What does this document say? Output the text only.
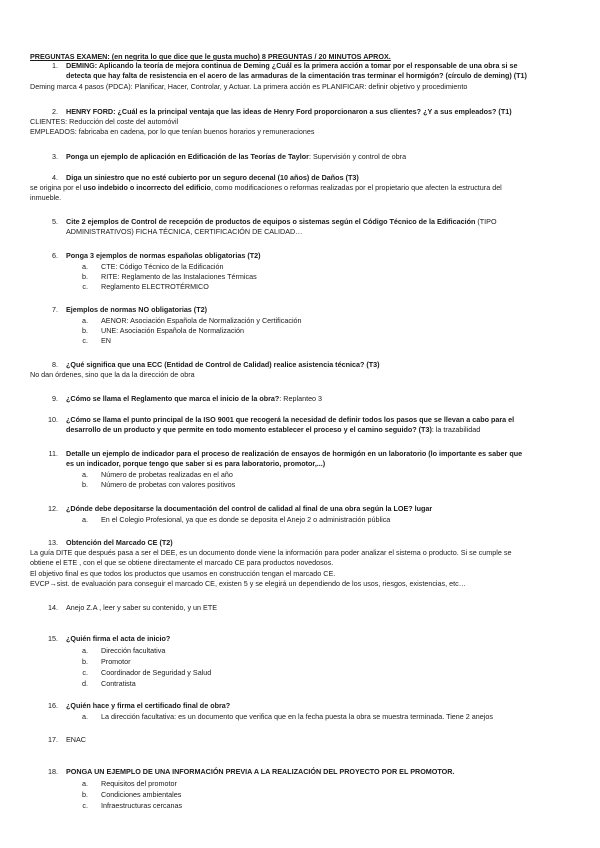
PREGUNTAS EXAMEN: (en negrita lo que dice que le gusta mucho) 8 PREGUNTAS / 20 MINUTOS APROX.
1. DEMING: Aplicando la teoría de mejora continua de Deming ¿Cuál es la primera acción a tomar por el responsable de una obra si se
detecta que hay falta de resistencia en el acero de las armaduras de la cimentación tras terminar el hormigón? (círculo de deming) (T1)
Deming marca 4 pasos (PDCA): Planificar, Hacer, Controlar, y Actuar. La primera acción es PLANIFICAR: definir objetivo y procedimiento
2. HENRY FORD: ¿Cuál es la principal ventaja que las ideas de Henry Ford proporcionaron a sus clientes? ¿Y a sus empleados? (T1)
CLIENTES: Reducción del coste del automóvil
EMPLEADOS: fabricaba en cadena, por lo que tenían buenos horarios y remuneraciones
3. Ponga un ejemplo de aplicación en Edificación de las Teorías de Taylor: Supervisión y control de obra
4. Diga un siniestro que no esté cubierto por un seguro decenal (10 años) de Daños (T3)
se origina por el uso indebido o incorrecto del edificio, como modificaciones o reformas realizadas por el propietario que afecten la estructura del
inmueble.
5. Cite 2 ejemplos de Control de recepción de productos de equipos o sistemas según el Código Técnico de la Edificación (TIPO
ADMINISTRATIVOS) FICHA TÉCNICA, CERTIFICACIÓN DE CALIDAD…
6. Ponga 3 ejemplos de normas españolas obligatorias (T2)
a. CTE: Código Técnico de la Edificación
b. RITE: Reglamento de las Instalaciones Térmicas
c. Reglamento ELECTROTÉRMICO
7. Ejemplos de normas NO obligatorias (T2)
a. AENOR: Asociación Española de Normalización y Certificación
b. UNE: Asociación Española de Normalización
c. EN
8. ¿Qué significa que una ECC (Entidad de Control de Calidad) realice asistencia técnica? (T3)
No dan órdenes, sino que la da la dirección de obra
9. ¿Cómo se llama el Reglamento que marca el inicio de la obra?: Replanteo 3
10. ¿Cómo se llama el punto principal de la ISO 9001 que recogerá la necesidad de definir todos los pasos que se llevan a cabo para el
desarrollo de un producto y que permite en todo momento establecer el proceso y el camino seguido? (T3): la trazabilidad
11. Detalle un ejemplo de indicador para el proceso de realización de ensayos de hormigón en un laboratorio (lo importante es saber que
es un indicador, porque tengo que saber si es para laboratorio, promotor,...)
a. Número de probetas realizadas en el año
b. Número de probetas con valores positivos
12. ¿Dónde debe depositarse la documentación del control de calidad al final de una obra según la LOE? lugar
a. En el Colegio Profesional, ya que es donde se deposita el Anejo 2 o administración pública
13. Obtención del Marcado CE (T2)
La guía DITE que después pasa a ser el DEE, es un documento donde viene la información para poder analizar el sistema o producto. Si se cumple se
obtiene el ETE , con el que se obtiene directamente el marcado CE para productos novedosos.
El objetivo final es que todos los productos que usamos en construcción tengan el marcado CE.
EVCP→sist. de evaluación para conseguir el marcado CE, existen 5 y se elegirá un dependiendo de los usos, riesgos, existencias, etc…
14. Anejo Z.A , leer y saber su contenido, y un ETE
15. ¿Quién firma el acta de inicio?
a. Dirección facultativa
b. Promotor
c. Coordinador de Seguridad y Salud
d. Contratista
16. ¿Quién hace y firma el certificado final de obra?
a. La dirección facultativa: es un documento que verifica que en la fecha puesta la obra se muestra terminada. Tiene 2 anejos
17. ENAC
18. PONGA UN EJEMPLO DE UNA INFORMACIÓN PREVIA A LA REALIZACIÓN DEL PROYECTO POR EL PROMOTOR.
a. Requisitos del promotor
b. Condiciones ambientales
c. Infraestructuras cercanas
